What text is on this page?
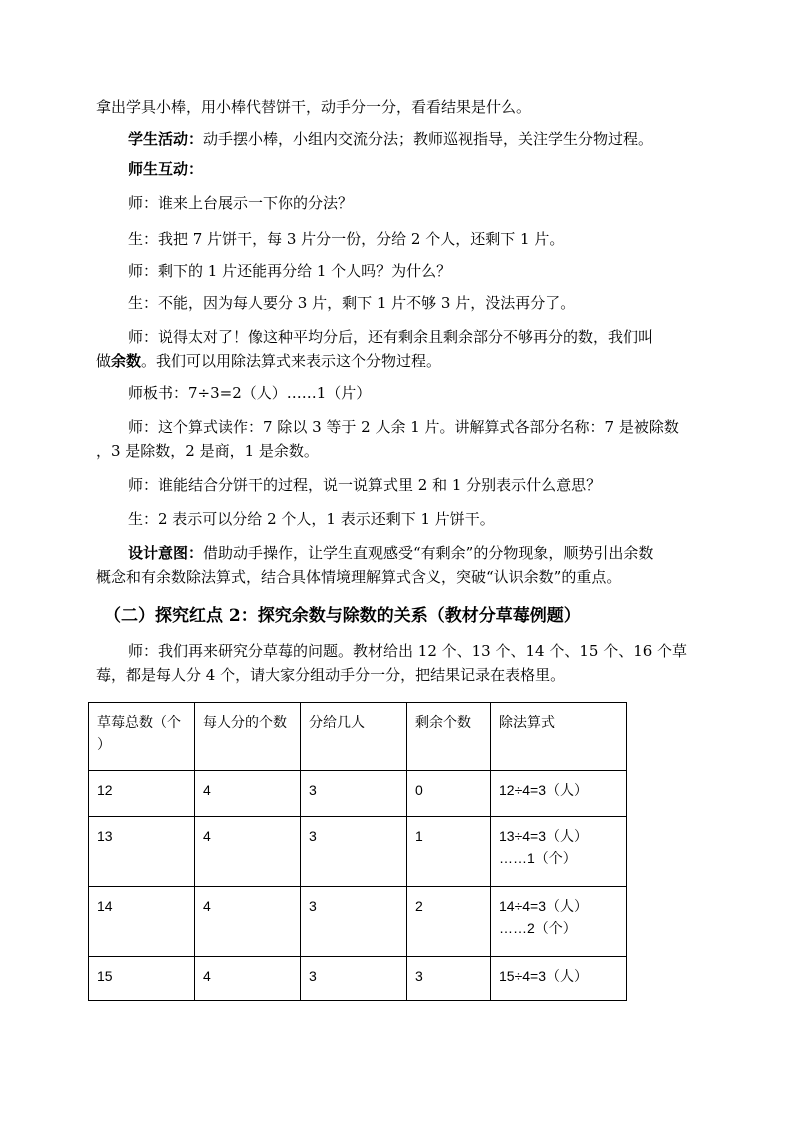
拿出学具小棒，用小棒代替饼干，动手分一分，看看结果是什么。
学生活动：动手摆小棒，小组内交流分法；教师巡视指导，关注学生分物过程。
师生互动：
师：谁来上台展示一下你的分法？
生：我把 7 片饼干，每 3 片分一份，分给 2 个人，还剩下 1 片。
师：剩下的 1 片还能再分给 1 个人吗？为什么？
生：不能，因为每人要分 3 片，剩下 1 片不够 3 片，没法再分了。
师：说得太对了！像这种平均分后，还有剩余且剩余部分不够再分的数，我们叫
做余数。我们可以用除法算式来表示这个分物过程。
师板书：7÷3=2（人）……1（片）
师：这个算式读作：7 除以 3 等于 2 人余 1 片。讲解算式各部分名称：7 是被除数
，3 是除数，2 是商，1 是余数。
师：谁能结合分饼干的过程，说一说算式里 2 和 1 分别表示什么意思？
生：2 表示可以分给 2 个人，1 表示还剩下 1 片饼干。
设计意图：借助动手操作，让学生直观感受“有剩余”的分物现象，顺势引出余数
概念和有余数除法算式，结合具体情境理解算式含义，突破“认识余数”的重点。
（二）探究红点 2：探究余数与除数的关系（教材分草莓例题）
师：我们再来研究分草莓的问题。教材给出 12 个、13 个、14 个、15 个、16 个草
莓，都是每人分 4 个，请大家分组动手分一分，把结果记录在表格里。
草莓总数（个
）	每人分的个数	分给几人	剩余个数	除法算式
12	4	3	0	12÷4=3（人）
13	4	3	1	13÷4=3（人）
……1（个）
14	4	3	2	14÷4=3（人）
……2（个）
15	4	3	3	15÷4=3（人）
